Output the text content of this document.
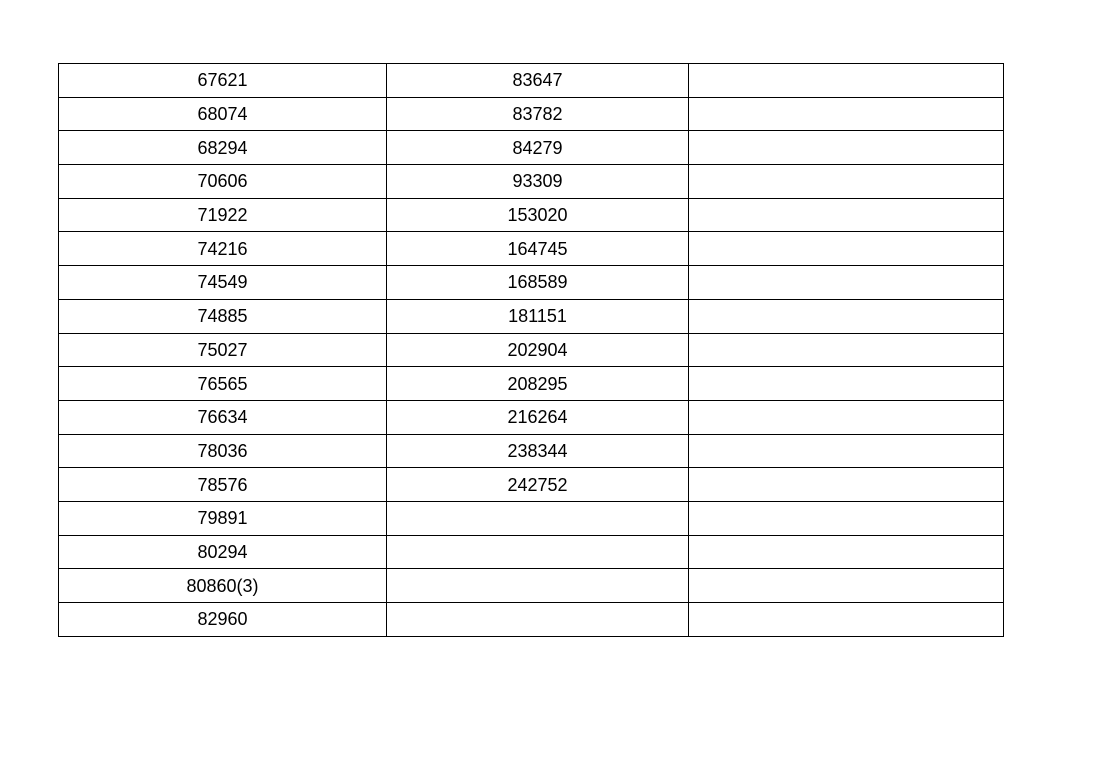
67621	83647	
68074	83782	
68294	84279	
70606	93309	
71922	153020	
74216	164745	
74549	168589	
74885	181151	
75027	202904	
76565	208295	
76634	216264	
78036	238344	
78576	242752	
79891		
80294		
80860(3)		
82960		
